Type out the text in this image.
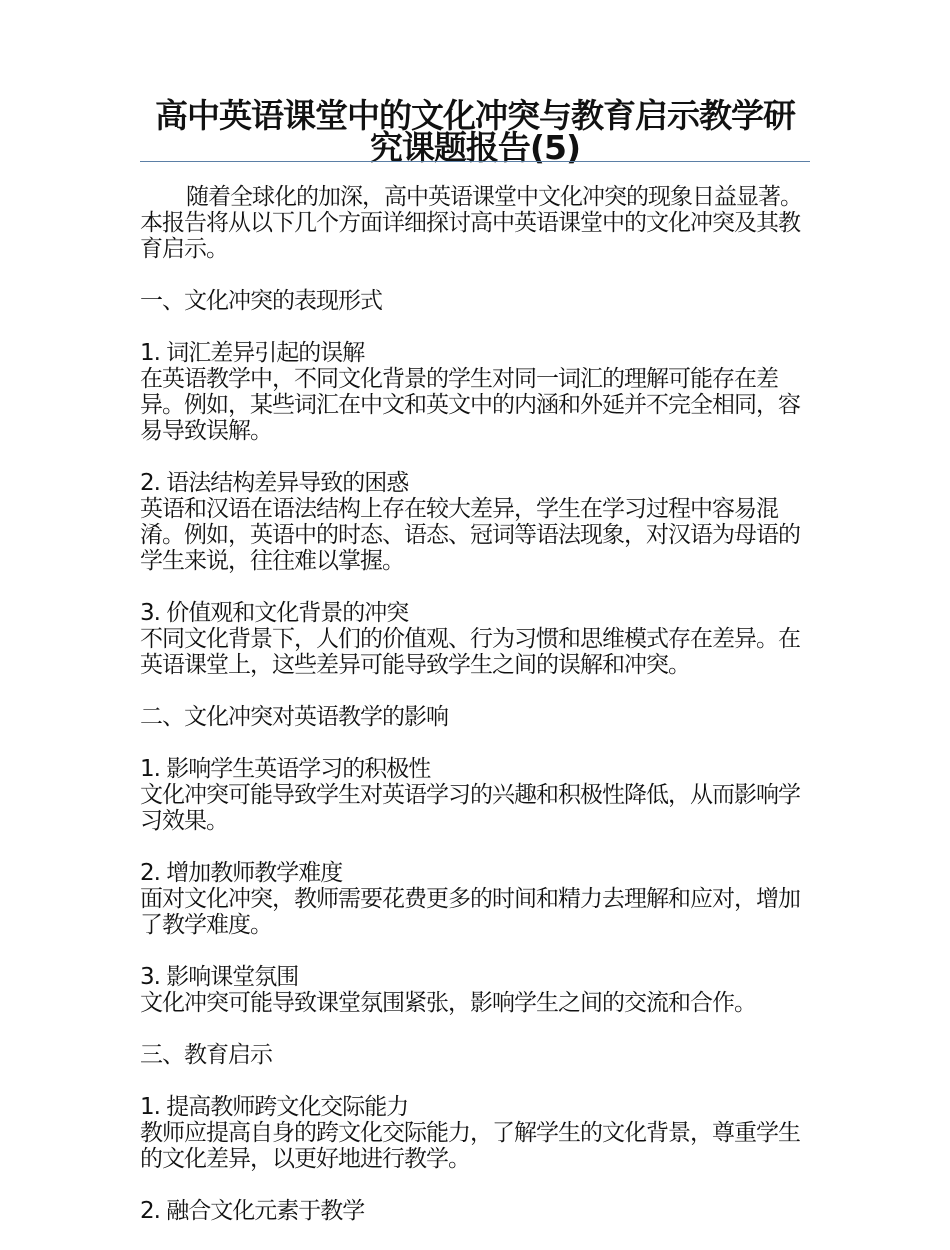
高中英语课堂中的文化冲突与教育启示教学研究课题报告(5)

随着全球化的加深，高中英语课堂中文化冲突的现象日益显著。本报告将从以下几个方面详细探讨高中英语课堂中的文化冲突及其教育启示。

一、文化冲突的表现形式

1. 词汇差异引起的误解

在英语教学中，不同文化背景的学生对同一词汇的理解可能存在差异。例如，某些词汇在中文和英文中的内涵和外延并不完全相同，容易导致误解。

2. 语法结构差异导致的困惑

英语和汉语在语法结构上存在较大差异，学生在学习过程中容易混淆。例如，英语中的时态、语态、冠词等语法现象，对汉语为母语的学生来说，往往难以掌握。

3. 价值观和文化背景的冲突

不同文化背景下，人们的价值观、行为习惯和思维模式存在差异。在英语课堂上，这些差异可能导致学生之间的误解和冲突。

二、文化冲突对英语教学的影响

1. 影响学生英语学习的积极性

文化冲突可能导致学生对英语学习的兴趣和积极性降低，从而影响学习效果。

2. 增加教师教学难度

面对文化冲突，教师需要花费更多的时间和精力去理解和应对，增加了教学难度。

3. 影响课堂氛围

文化冲突可能导致课堂氛围紧张，影响学生之间的交流和合作。

三、教育启示

1. 提高教师跨文化交际能力

教师应提高自身的跨文化交际能力，了解学生的文化背景，尊重学生的文化差异，以更好地进行教学。

2. 融合文化元素于教学
